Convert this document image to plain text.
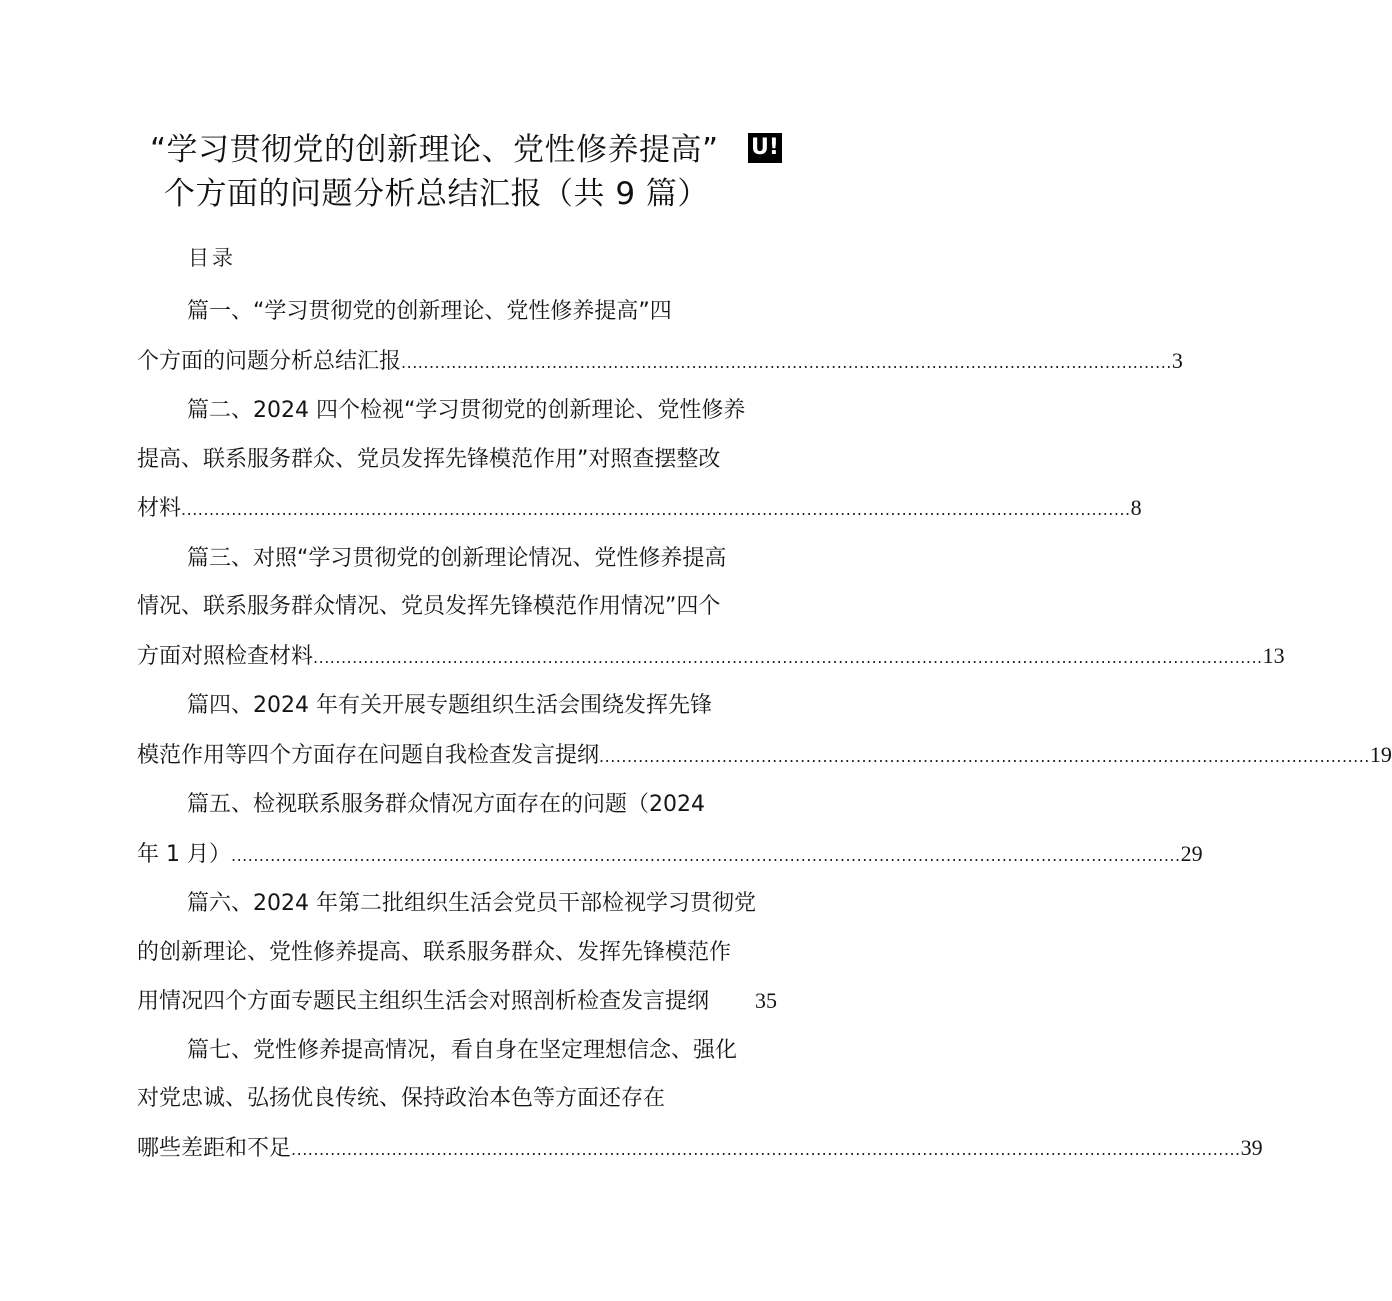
“学习贯彻党的创新理论、党性修养提高”
个方面的问题分析总结汇报（共 9 篇）
U!
目录
篇一、“学习贯彻党的创新理论、党性修养提高”四
个方面的问题分析总结汇报 .......................................................................................................................................... 3
篇二、2024 四个检视“学习贯彻党的创新理论、党性修养
提高、联系服务群众、党员发挥先锋模范作用”对照查摆整改
材料 .......................................................................................................................................................................... 8
篇三、对照“学习贯彻党的创新理论情况、党性修养提高
情况、联系服务群众情况、党员发挥先锋模范作用情况”四个
方面对照检查材料 .......................................................................................................................................................................... 13
篇四、2024 年有关开展专题组织生活会围绕发挥先锋
模范作用等四个方面存在问题自我检查发言提纲 .......................................................................................................................................... 19
篇五、检视联系服务群众情况方面存在的问题（2024
年 1 月） .......................................................................................................................................................................... 29
篇六、2024 年第二批组织生活会党员干部检视学习贯彻党
的创新理论、党性修养提高、联系服务群众、发挥先锋模范作
用情况四个方面专题民主组织生活会对照剖析检查发言提纲 35
篇七、党性修养提高情况，看自身在坚定理想信念、强化
对党忠诚、弘扬优良传统、保持政治本色等方面还存在
哪些差距和不足 .......................................................................................................................................................................... 39
